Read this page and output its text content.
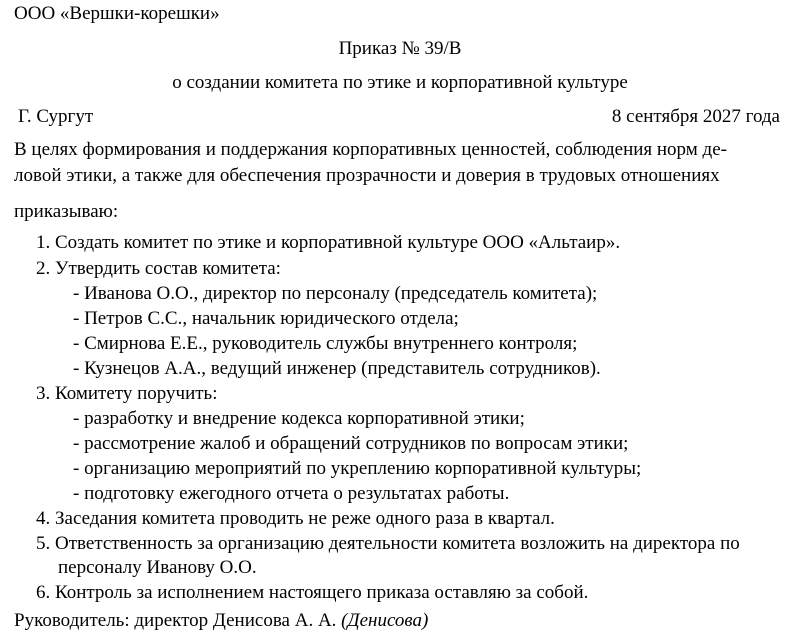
ООО «Вершки-корешки»
Приказ № 39/В
о создании комитета по этике и корпоративной культуре
Г. Сургут	8 сентября 2027 года
В целях формирования и поддержания корпоративных ценностей, соблюдения норм де-
ловой этики, а также для обеспечения прозрачности и доверия в трудовых отношениях
приказываю:
1. Создать комитет по этике и корпоративной культуре ООО «Альтаир».
2. Утвердить состав комитета:
- Иванова О.О., директор по персоналу (председатель комитета);
- Петров С.С., начальник юридического отдела;
- Смирнова Е.Е., руководитель службы внутреннего контроля;
- Кузнецов А.А., ведущий инженер (представитель сотрудников).
3. Комитету поручить:
- разработку и внедрение кодекса корпоративной этики;
- рассмотрение жалоб и обращений сотрудников по вопросам этики;
- организацию мероприятий по укреплению корпоративной культуры;
- подготовку ежегодного отчета о результатах работы.
4. Заседания комитета проводить не реже одного раза в квартал.
5. Ответственность за организацию деятельности комитета возложить на директора по
персоналу Иванову О.О.
6. Контроль за исполнением настоящего приказа оставляю за собой.
Руководитель: директор Денисова А. А. (Денисова)
